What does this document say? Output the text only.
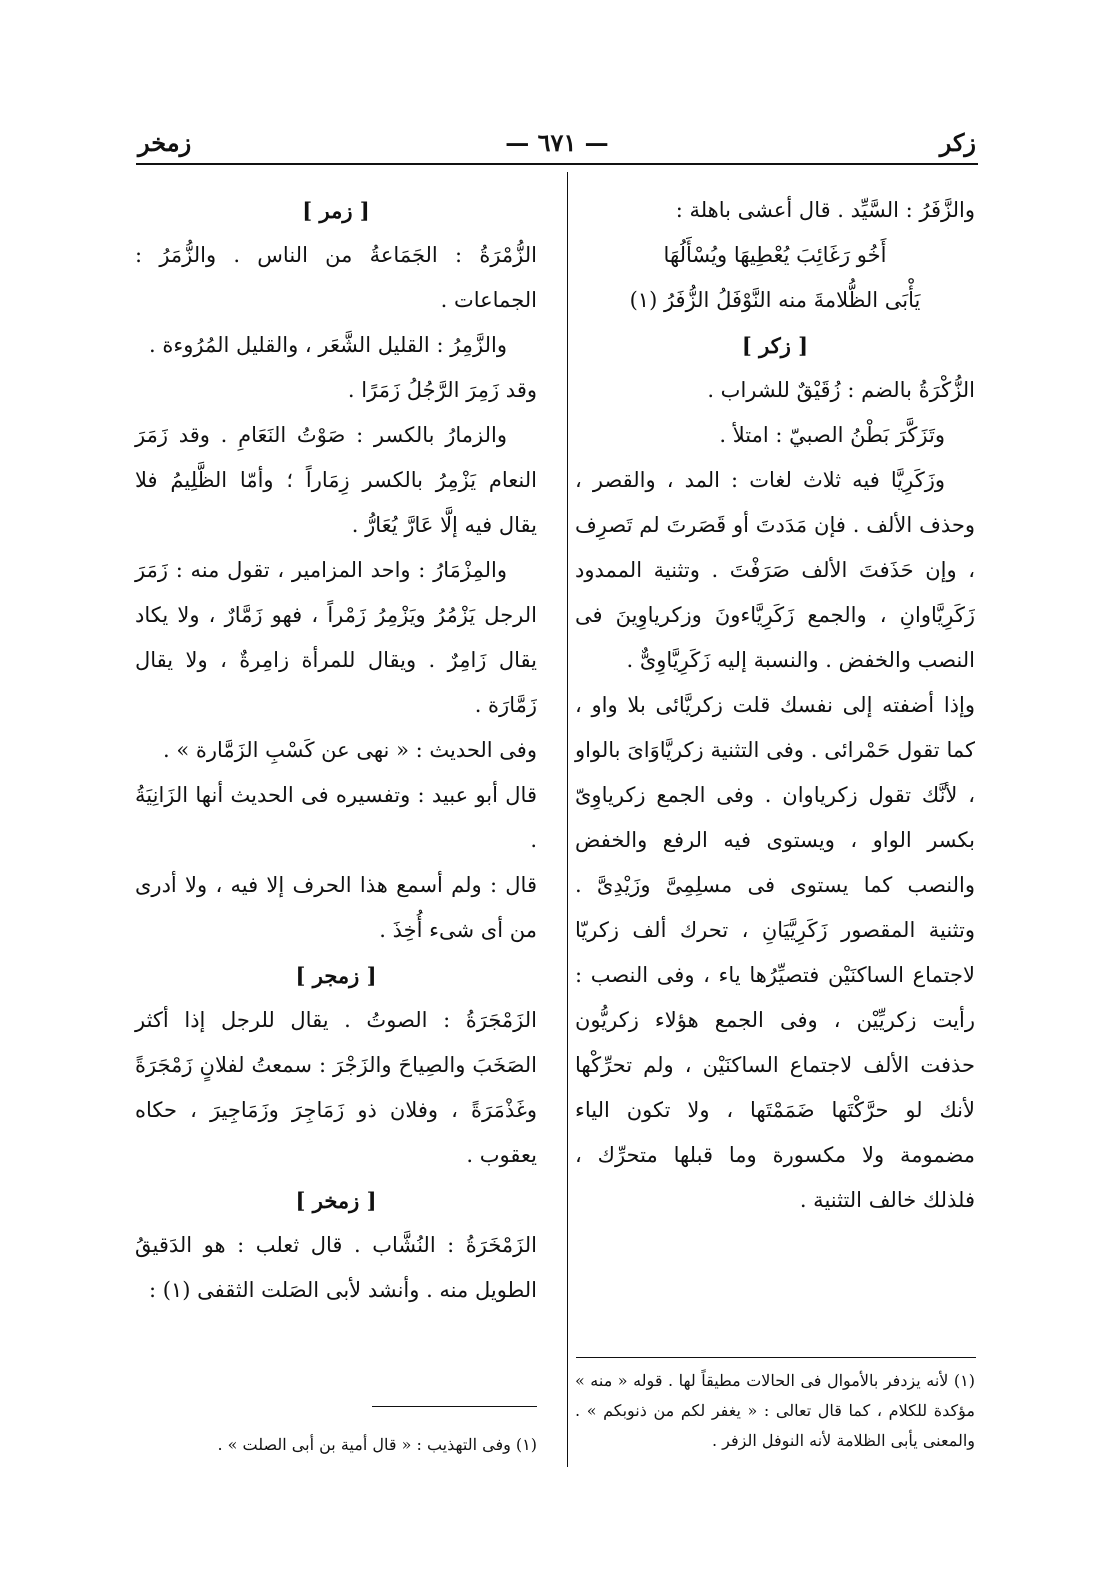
زكر
— ٦٧١ —
زمخر

والزَّفَرُ : السَّيِّد . قال أعشى باهلة :

أَخُو رَغَائِبَ يُعْطِيهَا ويُسْأَلُهَا

يَأْبَى الظُّلامةَ منه النَّوْفَلُ الزُّفَرُ (١)

[ زكر ]

الزُّكْرَةُ بالضم : زُقَيْقٌ للشراب .

وتَزَكَّرَ بَطْنُ الصبيّ : امتلأ .

وزَكَرِيَّا فيه ثلاث لغات : المد ، والقصر ، وحذف الألف . فإن مَدَدتَ أو قَصَرتَ لم تَصرِف ، وإن حَذَفتَ الألف صَرَفْتَ . وتثنية الممدود زَكَرِيَّاوانِ ، والجمع زَكَرِيَّاءونَ وزكرياوِينَ فى النصب والخفض . والنسبة إليه زَكَرِيَّاوِىٌّ .

وإذا أضفته إلى نفسك قلت زكريَّائى بلا واو ، كما تقول حَمْرائى . وفى التثنية زكريَّاوَاىَ بالواو ، لأنَّك تقول زكرياوان . وفى الجمع زكرياوِىّ بكسر الواو ، ويستوى فيه الرفع والخفض والنصب كما يستوى فى مسلِمِىَّ وزَيْدِىَّ . وتثنية المقصور زَكَرِيَّيَانِ ، تحرك ألف زكريّا لاجتماع الساكنَيْن فتصيِّرُها ياء ، وفى النصب : رأيت زكريِّيْن ، وفى الجمع هؤلاء زكريُّون حذفت الألف لاجتماع الساكنَيْن ، ولم تحرِّكْها لأنك لو حرَّكْتَها ضَمَمْتَها ، ولا تكون الياء مضمومة ولا مكسورة وما قبلها متحرِّك ، فلذلك خالف التثنية .

(١) لأنه يزدفر بالأموال فى الحالات مطيقاً لها . قوله « منه » مؤكدة للكلام ، كما قال تعالى : « يغفر لكم من ذنوبكم » . والمعنى يأبى الظلامة لأنه النوفل الزفر .

[ زمر ]

الزُّمْرَةُ : الجَمَاعةُ من الناس . والزُّمَرُ : الجماعات .

والزَّمِرُ : القليل الشَّعَر ، والقليل المُرُوءة .

وقد زَمِرَ الرَّجُلُ زَمَرًا .

والزمارُ بالكسر : صَوْتُ النَعَامِ . وقد زَمَرَ النعام يَزْمِرُ بالكسر زِمَاراً ؛ وأمّا الظَّلِيمُ فلا يقال فيه إلَّا عَارَّ يُعَارُّ .

والمِزْمَارُ : واحد المزامير ، تقول منه : زَمَرَ الرجل يَزْمُرُ ويَزْمِرُ زَمْراً ، فهو زَمَّارٌ ، ولا يكاد يقال زَامِرٌ . ويقال للمرأة زامِرةٌ ، ولا يقال زَمَّارَة .

وفى الحديث : « نهى عن كَسْبِ الزَمَّارة » .

قال أبو عبيد : وتفسيره فى الحديث أنها الزَانِيَةُ .

قال : ولم أسمع هذا الحرف إلا فيه ، ولا أدرى من أى شىء أُخِذَ .

[ زمجر ]

الزَمْجَرَةُ : الصوتُ . يقال للرجل إذا أكثر الصَخَبَ والصِياحَ والزَجْرَ : سمعتُ لفلانٍ زَمْجَرَةً وغَذْمَرَةً ، وفلان ذو زَمَاجِرَ وزَمَاجِيرَ ، حكاه يعقوب .

[ زمخر ]

الزَمْخَرَةُ : النُشَّاب . قال ثعلب : هو الدَقيقُ الطويل منه . وأنشد لأبى الصَلت الثقفى (١) :

(١) وفى التهذيب : « قال أمية بن أبى الصلت » .
